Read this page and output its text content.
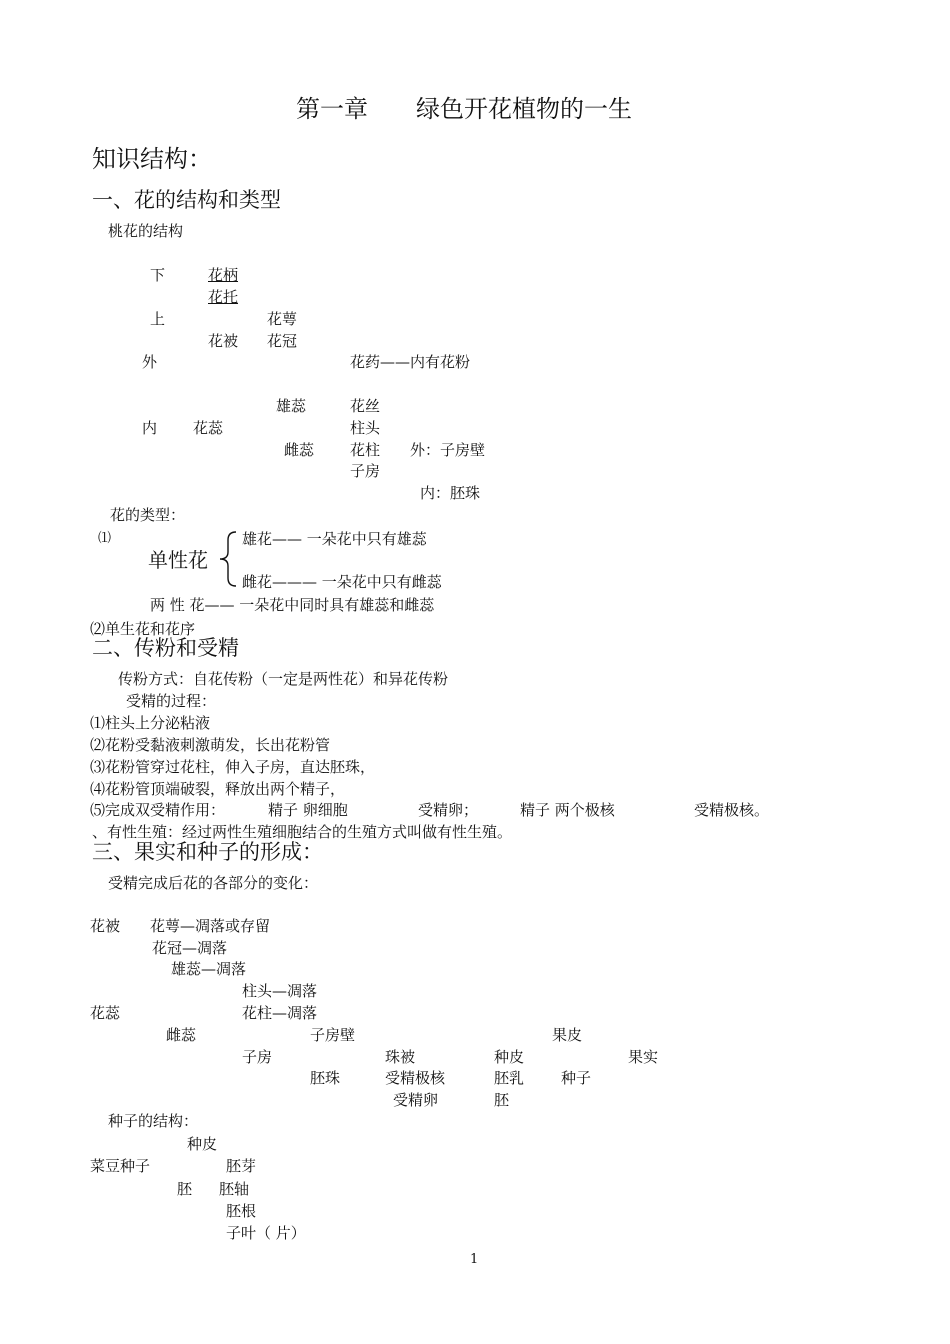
第一章　　绿色开花植物的一生
知识结构：
一、花的结构和类型
桃花的结构
下	花柄
花托
上	花萼
花被 花冠
外	花药——内有花粉
雄蕊	花丝
内 花蕊	柱头
雌蕊 花柱 外：子房壁
子房
内：胚珠
花的类型：
⑴
单性花
雄花—— 一朵花中只有雄蕊
雌花——— 一朵花中只有雌蕊
两 性 花—— 一朵花中同时具有雄蕊和雌蕊
⑵单生花和花序
二、传粉和受精
传粉方式：自花传粉（一定是两性花）和异花传粉
受精的过程：
⑴柱头上分泌粘液
⑵花粉受黏液刺激萌发，长出花粉管
⑶花粉管穿过花柱，伸入子房，直达胚珠，
⑷花粉管顶端破裂，释放出两个精子，
⑸完成双受精作用：	精子 卵细胞	受精卵；	精子 两个极核	受精极核。
、有性生殖：经过两性生殖细胞结合的生殖方式叫做有性生殖。
三、果实和种子的形成：
受精完成后花的各部分的变化：
花被 花萼—凋落或存留
花冠—凋落
雄蕊—凋落
柱头—凋落
花蕊	花柱—凋落
雌蕊	子房壁	果皮
子房	珠被	种皮	果实
胚珠	受精极核	胚乳 种子
受精卵	胚
种子的结构：
种皮
菜豆种子	胚芽
胚 胚轴
胚根
子叶（ 片）
1
